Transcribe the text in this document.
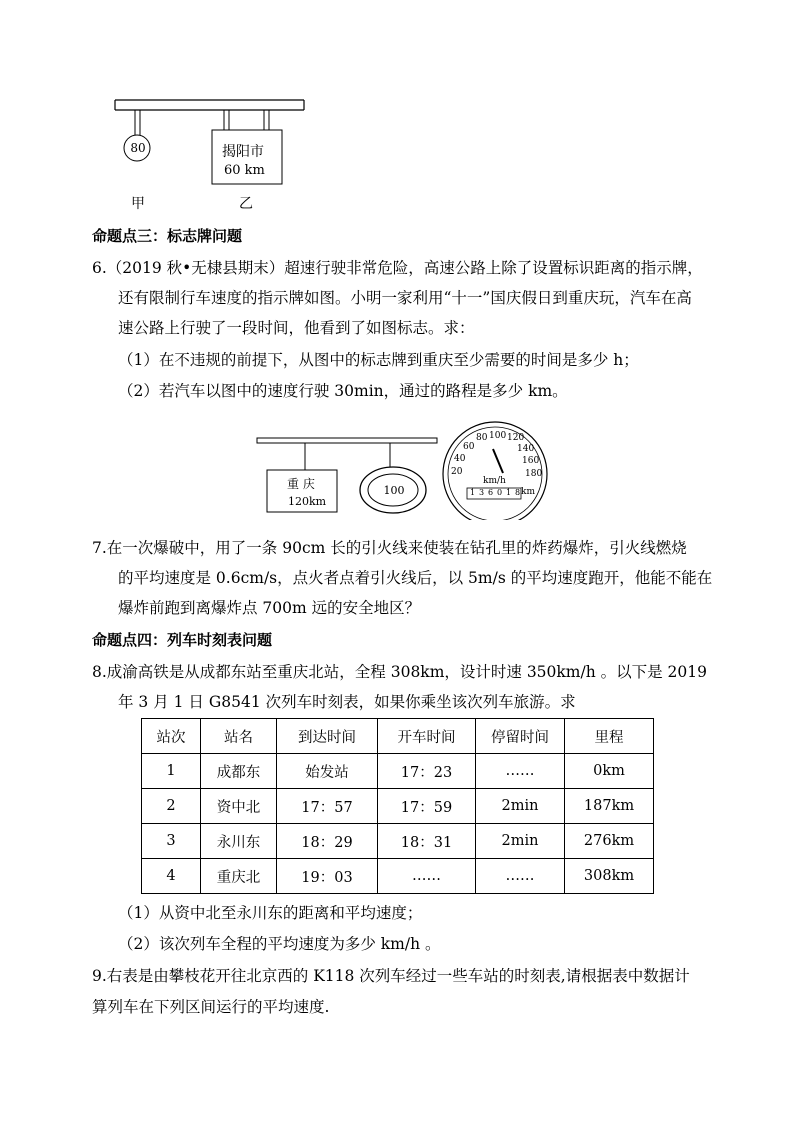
80	揭阳市
60 km
甲	乙
命题点三：标志牌问题
6.（2019 秋•无棣县期末）超速行驶非常危险，高速公路上除了设置标识距离的指示牌，
还有限制行车速度的指示牌如图。小明一家利用“十一”国庆假日到重庆玩，汽车在高
速公路上行驶了一段时间，他看到了如图标志。求：
（1）在不违规的前提下，从图中的标志牌到重庆至少需要的时间是多少 h；
（2）若汽车以图中的速度行驶 30min，通过的路程是多少 km。
重 庆
120km
100
20
40
60
80 100 120
140
160
180
km/h
1 3 6 0 1 8 km
7.在一次爆破中，用了一条 90cm 长的引火线来使装在钻孔里的炸药爆炸，引火线燃烧
的平均速度是 0.6cm/s，点火者点着引火线后，以 5m/s 的平均速度跑开，他能不能在
爆炸前跑到离爆炸点 700m 远的安全地区？
命题点四：列车时刻表问题
8.成渝高铁是从成都东站至重庆北站，全程 308km，设计时速 350km/h 。以下是 2019
年 3 月 1 日 G8541 次列车时刻表，如果你乘坐该次列车旅游。求
站次	站名	到达时间	开车时间	停留时间	里程
1	成都东	始发站	17：23	……	0km
2	资中北	17：57	17：59	2min	187km
3	永川东	18：29	18：31	2min	276km
4	重庆北	19：03	……	……	308km
（1）从资中北至永川东的距离和平均速度；
（2）该次列车全程的平均速度为多少 km/h 。
9.右表是由攀枝花开往北京西的 K118 次列车经过一些车站的时刻表,请根据表中数据计
算列车在下列区间运行的平均速度.
